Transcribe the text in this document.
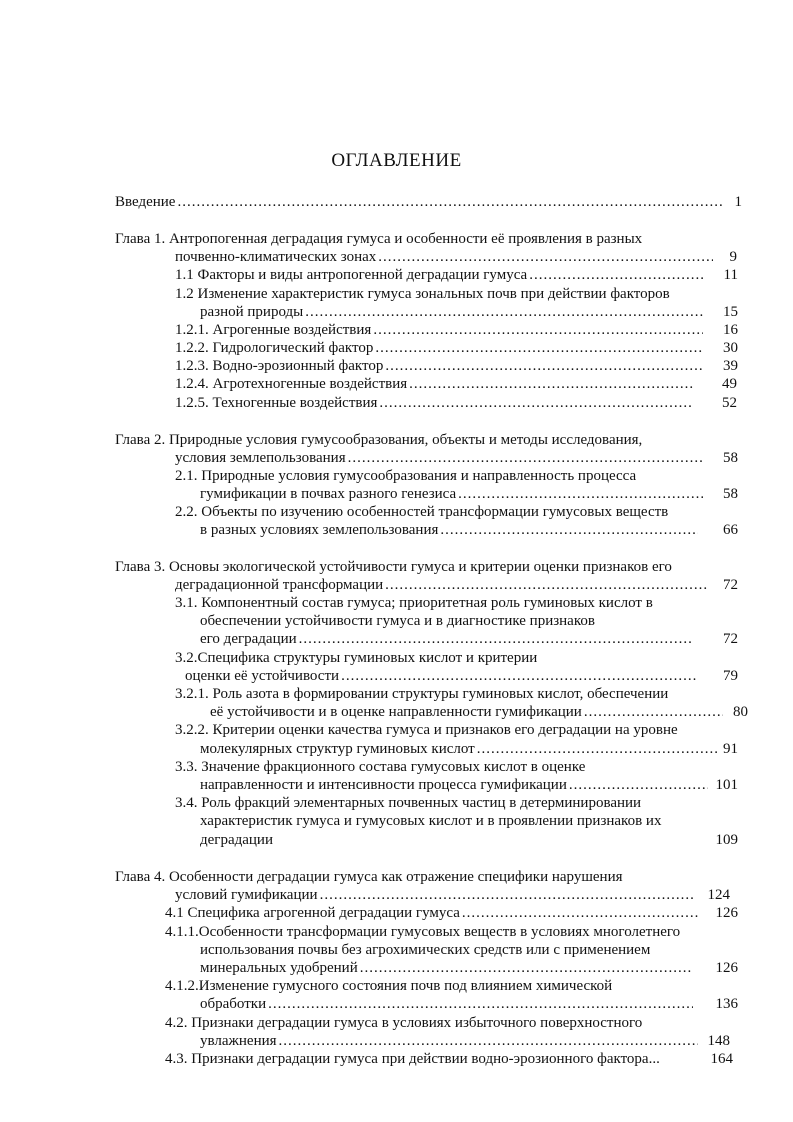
ОГЛАВЛЕНИЕ
Введение .....	1
Глава 1. Антропогенная деградация гумуса и особенности её проявления в разных
почвенно-климатических зонах .....	9
1.1 Факторы и виды антропогенной деградации гумуса .....	11
1.2 Изменение характеристик гумуса зональных почв при действии факторов
разной природы .....	15
1.2.1. Агрогенные воздействия .....	16
1.2.2. Гидрологический фактор .....	30
1.2.3. Водно-эрозионный фактор .....	39
1.2.4. Агротехногенные воздействия .....	49
1.2.5. Техногенные воздействия .....	52
Глава 2. Природные условия гумусообразования, объекты и методы исследования,
условия землепользования .....	58
2.1. Природные условия гумусообразования и направленность процесса
гумификации в почвах разного генезиса .....	58
2.2. Объекты по изучению особенностей трансформации гумусовых веществ
в разных условиях землепользования .....	66
Глава 3. Основы экологической устойчивости гумуса и критерии оценки признаков его
деградационной трансформации .....	72
3.1. Компонентный состав гумуса; приоритетная роль гуминовых кислот в
обеспечении устойчивости гумуса и в диагностике признаков
его деградации .....	72
3.2.Специфика структуры гуминовых кислот и критерии
оценки её устойчивости .....	79
3.2.1. Роль азота в формировании структуры гуминовых кислот, обеспечении
её устойчивости и в оценке направленности гумификации .....	80
3.2.2. Критерии оценки качества гумуса и признаков его деградации на уровне
молекулярных структур гуминовых кислот .....	91
3.3. Значение фракционного состава гумусовых кислот в оценке
направленности и интенсивности процесса гумификации .....	101
3.4. Роль фракций элементарных почвенных частиц в детерминировании
характеристик гумуса и гумусовых кислот и в проявлении признаков их
деградации	109
Глава 4. Особенности деградации гумуса как отражение специфики нарушения
условий гумификации .....	124
4.1 Специфика агрогенной деградации гумуса .....	126
4.1.1.Особенности трансформации гумусовых веществ в условиях многолетнего
использования почвы без агрохимических средств или с применением
минеральных удобрений .....	126
4.1.2.Изменение гумусного состояния почв под влиянием химической
обработки .....	136
4.2. Признаки деградации гумуса в условиях избыточного поверхностного
увлажнения .....	148
4.3. Признаки деградации гумуса при действии водно-эрозионного фактора...	164
